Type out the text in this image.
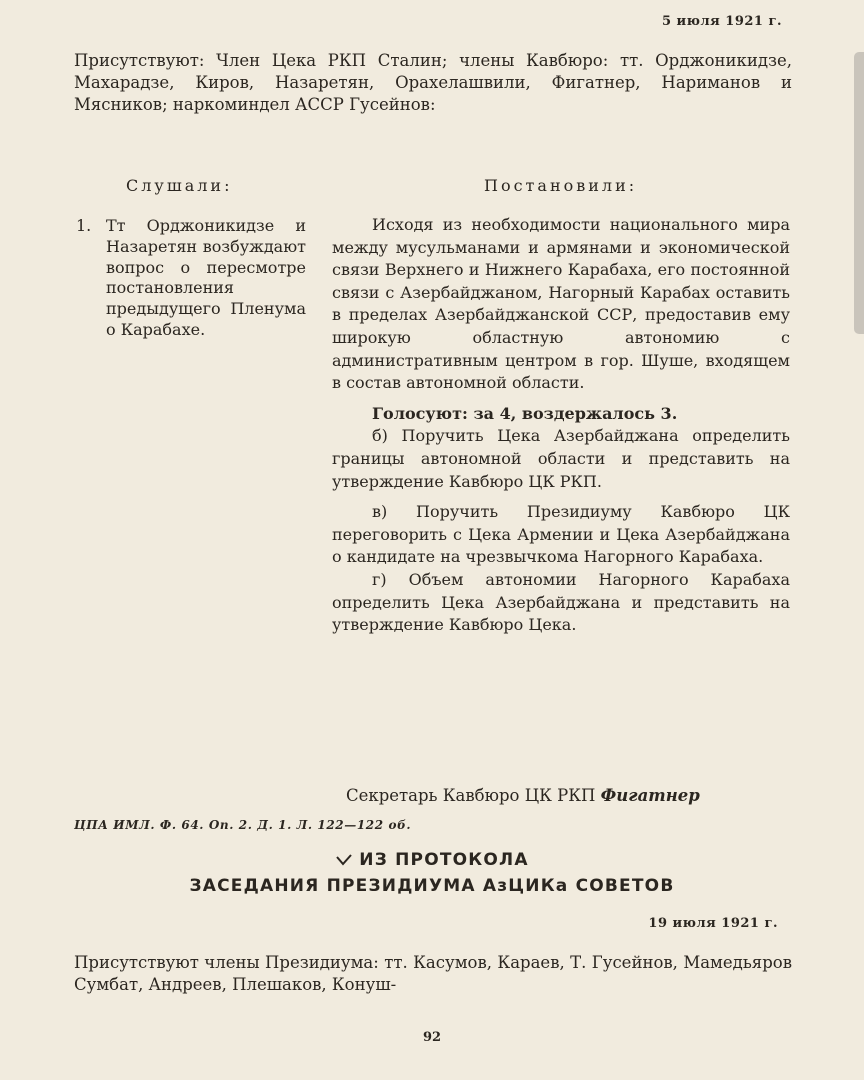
5 июля 1921 г.
Присутствуют: Член Цека РКП Сталин; члены Кавбюро: тт. Орджоникидзе, Махарадзе, Киров, Назаретян, Орахелашвили, Фигатнер, Нариманов и Мясников; наркоминдел АССР Гусейнов:
Слушали:	Постановили:
1. Тт Орджоникидзе и Назаретян возбуждают вопрос о пересмотре постановления предыдущего Пленума о Карабахе.

Исходя из необходимости национального мира между мусульманами и армянами и экономической связи Верхнего и Нижнего Карабаха, его постоянной связи с Азербайджаном, Нагорный Карабах оставить в пределах Азербайджанской ССР, предоставив ему широкую областную автономию с административным центром в гор. Шуше, входящем в состав автономной области.

Голосуют: за 4, воздержалось 3.

б) Поручить Цека Азербайджана определить границы автономной области и представить на утверждение Кавбюро ЦК РКП.

в) Поручить Президиуму Кавбюро ЦК переговорить с Цека Армении и Цека Азербайджана о кандидате на чрезвычкома Нагорного Карабаха.

г) Объем автономии Нагорного Карабаха определить Цека Азербайджана и представить на утверждение Кавбюро Цека.

Секретарь Кавбюро ЦК РКП Фигатнер
ЦПА ИМЛ. Ф. 64. Оп. 2. Д. 1. Л. 122—122 об.
ИЗ ПРОТОКОЛА
ЗАСЕДАНИЯ ПРЕЗИДИУМА АзЦИКа СОВЕТОВ
19 июля 1921 г.
Присутствуют члены Президиума: тт. Касумов, Караев, Т. Гусейнов, Мамедьяров Сумбат, Андреев, Плешаков, Конуш-
92
